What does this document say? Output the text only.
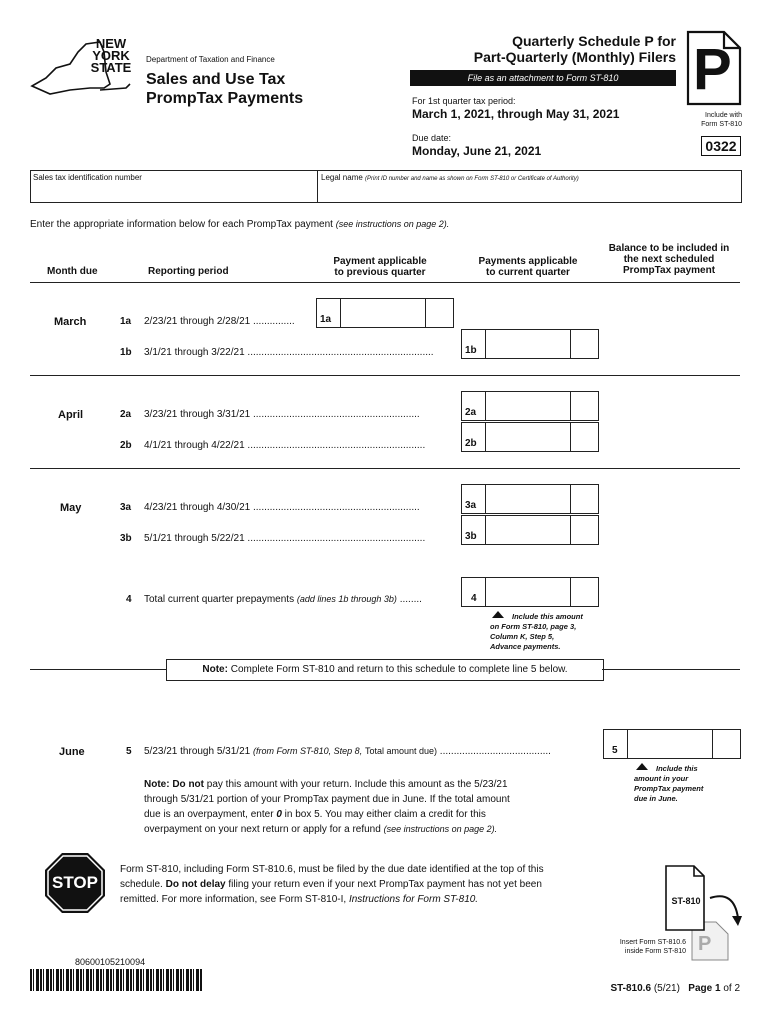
NEW
YORK
STATE
Department of Taxation and Finance
Sales and Use Tax
PrompTax Payments
Quarterly Schedule P for
Part-Quarterly (Monthly) Filers
File as an attachment to Form ST-810
For 1st quarter tax period:
March 1, 2021, through May 31, 2021
Due date:
Monday, June 21, 2021
P
Include with
Form ST-810
0322
Sales tax identification number	Legal name (Print ID number and name as shown on Form ST-810 or Certificate of Authority)
Enter the appropriate information below for each PrompTax payment (see instructions on page 2).
Month due	Reporting period
Payment applicable
to previous quarter
Payments applicable
to current quarter
Balance to be included in
the next scheduled
PrompTax payment
March	1a 2/23/21 through 2/28/21 ...............	1a
1b 3/1/21 through 3/22/21 ...................................................................	1b
April	2a 3/23/21 through 3/31/21 ............................................................	2a
2b 4/1/21 through 4/22/21 ................................................................	2b
May	3a 4/23/21 through 4/30/21 ............................................................	3a
3b 5/1/21 through 5/22/21 ................................................................	3b
4 Total current quarter prepayments (add lines 1b through 3b) ........	4
Include this amount
on Form ST-810, page 3,
Column K, Step 5,
Advance payments.
Note: Complete Form ST-810 and return to this schedule to complete line 5 below.
June	5 5/23/21 through 5/31/21 (from Form ST-810, Step 8, Total amount due) ........................................	5
Include this
amount in your
PrompTax payment
due in June.
Note: Do not pay this amount with your return. Include this amount as the 5/23/21
through 5/31/21 portion of your PrompTax payment due in June. If the total amount
due is an overpayment, enter 0 in box 5. You may either claim a credit for this
overpayment on your next return or apply for a refund (see instructions on page 2).
STOP
Form ST-810, including Form ST-810.6, must be filed by the due date identified at the top of this
schedule. Do not delay filing your return even if your next PrompTax payment has not yet been
remitted. For more information, see Form ST-810-I, Instructions for Form ST-810.	ST-810
P
Insert Form ST-810.6
inside Form ST-810
80600105210094
ST-810.6 (5/21) Page 1 of 2
